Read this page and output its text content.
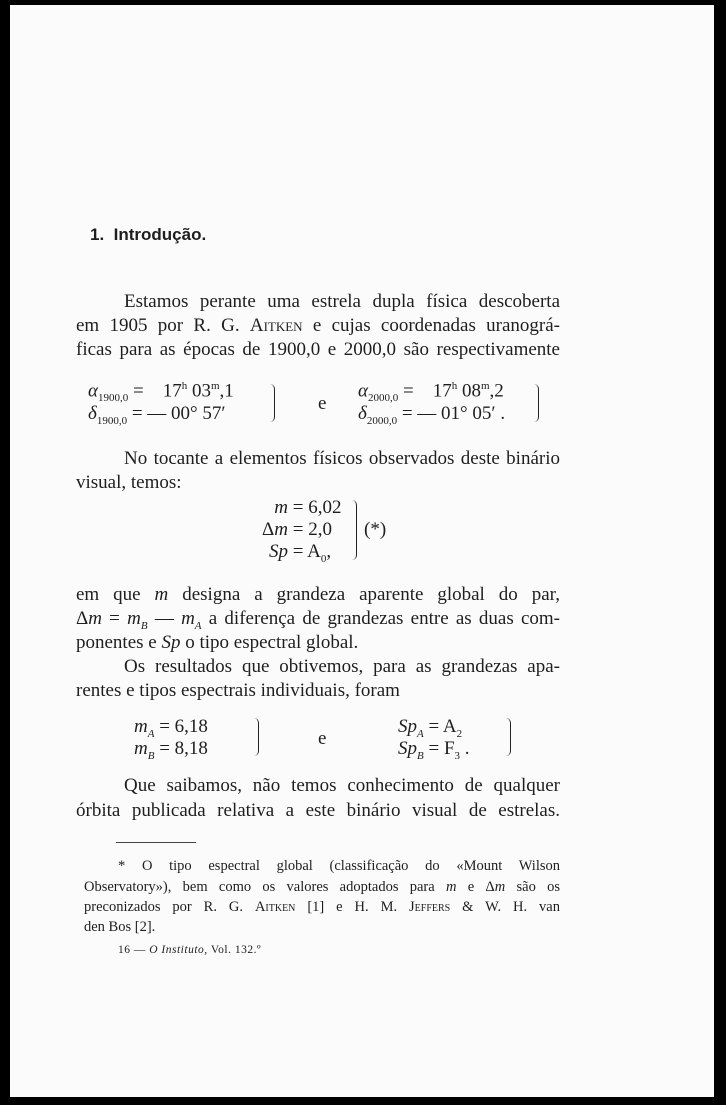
1. Introdução.
Estamos perante uma estrela dupla física descoberta
em 1905 por R. G. Aitken e cujas coordenadas uranográ-
ficas para as épocas de 1900,0 e 2000,0 são respectivamente
$\alpha_{1900,0}$ =    17$^h$ 03$^m$,1
$\delta_{1900,0}$ = — 00° 57′	e
$\alpha_{2000,0}$ =    17$^h$ 08$^m$,2
$\delta_{2000,0}$ = — 01° 05′ .
No tocante a elementos físicos observados deste binário
visual, temos:
m = 6,02
Δm = 2,0
$Sp = A_0$,
(*)
em que m designa a grandeza aparente global do par,
$\Delta m = m_B$ — $m_A$ a diferença de grandezas entre as duas com-
ponentes e Sp o tipo espectral global.
Os resultados que obtivemos, para as grandezas apa-
rentes e tipos espectrais individuais, foram
$m_A = 6,18$
$m_B = 8,18$	e
$Sp_A = A_2$
$Sp_B = F_3$ .
Que saibamos, não temos conhecimento de qualquer
órbita publicada relativa a este binário visual de estrelas.
* O tipo espectral global (classificação do «Mount Wilson
Observatory»), bem como os valores adoptados para m e Δm são os
preconizados por R. G. Aitken [1] e H. M. Jeffers & W. H. van
den Bos [2].
16 — O Instituto, Vol. 132.º
